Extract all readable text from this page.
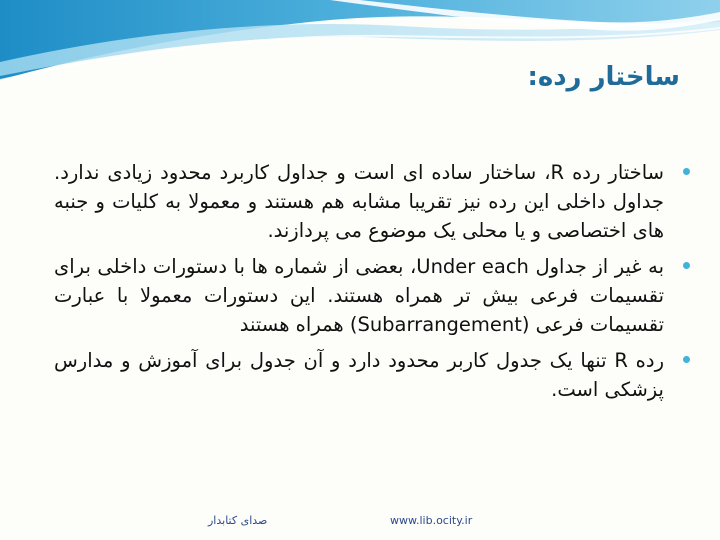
ساختار رده:

ساختار رده R، ساختار ساده ای است و جداول کاربرد محدود زیادی ندارد. جداول داخلی این رده نیز تقریبا مشابه هم هستند و معمولا به کلیات و جنبه های اختصاصی و یا محلی یک موضوع می پردازند.

به غیر از جداول Under each، بعضی از شماره ها با دستورات داخلی برای تقسیمات فرعی بیش تر همراه هستند. این دستورات معمولا با عبارت تقسیمات فرعی (Subarrangement) همراه هستند

رده R تنها یک جدول کاربر محدود دارد و آن جدول برای آموزش و مدارس پزشکی است.

صدای کتابدار	www.lib.ocity.ir
